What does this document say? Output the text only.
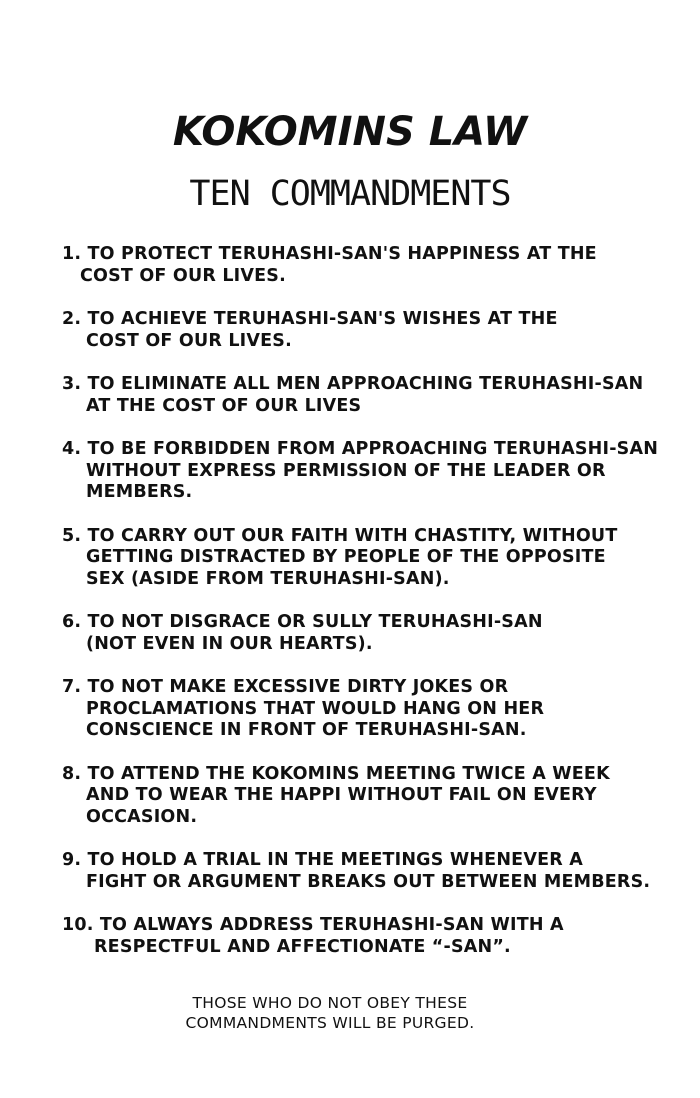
KOKOMINS LAW
TEN COMMANDMENTS
1. TO PROTECT TERUHASHI-SAN'S HAPPINESS AT THE
COST OF OUR LIVES.
2. TO ACHIEVE TERUHASHI-SAN'S WISHES AT THE
COST OF OUR LIVES.
3. TO ELIMINATE ALL MEN APPROACHING TERUHASHI-SAN
AT THE COST OF OUR LIVES
4. TO BE FORBIDDEN FROM APPROACHING TERUHASHI-SAN
WITHOUT EXPRESS PERMISSION OF THE LEADER OR
MEMBERS.
5. TO CARRY OUT OUR FAITH WITH CHASTITY, WITHOUT
GETTING DISTRACTED BY PEOPLE OF THE OPPOSITE
SEX (ASIDE FROM TERUHASHI-SAN).
6. TO NOT DISGRACE OR SULLY TERUHASHI-SAN
(NOT EVEN IN OUR HEARTS).
7. TO NOT MAKE EXCESSIVE DIRTY JOKES OR
PROCLAMATIONS THAT WOULD HANG ON HER
CONSCIENCE IN FRONT OF TERUHASHI-SAN.
8. TO ATTEND THE KOKOMINS MEETING TWICE A WEEK
AND TO WEAR THE HAPPI WITHOUT FAIL ON EVERY
OCCASION.
9. TO HOLD A TRIAL IN THE MEETINGS WHENEVER A
FIGHT OR ARGUMENT BREAKS OUT BETWEEN MEMBERS.
10. TO ALWAYS ADDRESS TERUHASHI-SAN WITH A
RESPECTFUL AND AFFECTIONATE “-SAN”.
THOSE WHO DO NOT OBEY THESE
COMMANDMENTS WILL BE PURGED.
